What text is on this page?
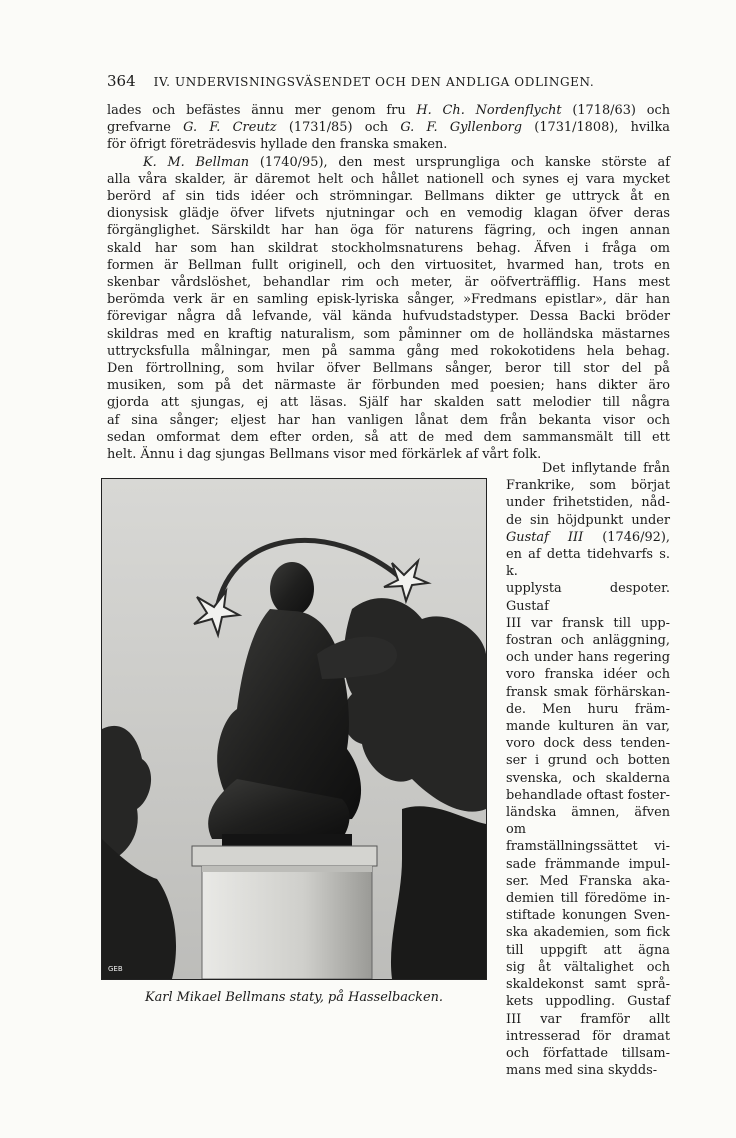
364 IV. UNDERVISNINGSVÄSENDET OCH DEN ANDLIGA ODLINGEN.

lades och befästes ännu mer genom fru H. Ch. Nordenflycht (1718/63) och

grefvarne G. F. Creutz (1731/85) och G. F. Gyllenborg (1731/1808), hvilka

för öfrigt företrädesvis hyllade den franska smaken.

K. M. Bellman (1740/95), den mest ursprungliga och kanske störste af

alla våra skalder, är däremot helt och hållet nationell och synes ej vara mycket

berörd af sin tids idéer och strömningar. Bellmans dikter ge uttryck åt en

dionysisk glädje öfver lifvets njutningar och en vemodig klagan öfver deras

förgänglighet. Särskildt har han öga för naturens fägring, och ingen annan

skald har som han skildrat stockholmsnaturens behag. Äfven i fråga om

formen är Bellman fullt originell, och den virtuositet, hvarmed han, trots en

skenbar vårdslöshet, behandlar rim och meter, är oöfverträfflig. Hans mest

berömda verk är en samling episk-lyriska sånger, »Fredmans epistlar», där han

förevigar några då lefvande, väl kända hufvudstadstyper. Dessa Backi bröder

skildras med en kraftig naturalism, som påminner om de holländska mästarnes

uttrycksfulla målningar, men på samma gång med rokokotidens hela behag.

Den förtrollning, som hvilar öfver Bellmans sånger, beror till stor del på

musiken, som på det närmaste är förbunden med poesien; hans dikter äro

gjorda att sjungas, ej att läsas. Själf har skalden satt melodier till några

af sina sånger; eljest har han vanligen lånat dem från bekanta visor och

sedan omformat dem efter orden, så att de med dem sammansmält till ett

helt. Ännu i dag sjungas Bellmans visor med förkärlek af vårt folk.

GEB
Karl Mikael Bellmans staty, på Hasselbacken.

Det inflytande från

Frankrike, som börjat

under frihetstiden, nåd-

de sin höjdpunkt under

Gustaf III (1746/92),

en af detta tidehvarfs s. k.

upplysta despoter. Gustaf

III var fransk till upp-

fostran och anläggning,

och under hans regering

voro franska idéer och

fransk smak förhärskan-

de. Men huru främ-

mande kulturen än var,

voro dock dess tenden-

ser i grund och botten

svenska, och skalderna

behandlade oftast foster-

ländska ämnen, äfven om

framställningssättet vi-

sade främmande impul-

ser. Med Franska aka-

demien till föredöme in-

stiftade konungen Sven-

ska akademien, som fick

till uppgift att ägna

sig åt vältalighet och

skaldekonst samt språ-

kets uppodling. Gustaf

III var framför allt

intresserad för dramat

och författade tillsam-

mans med sina skydds-
